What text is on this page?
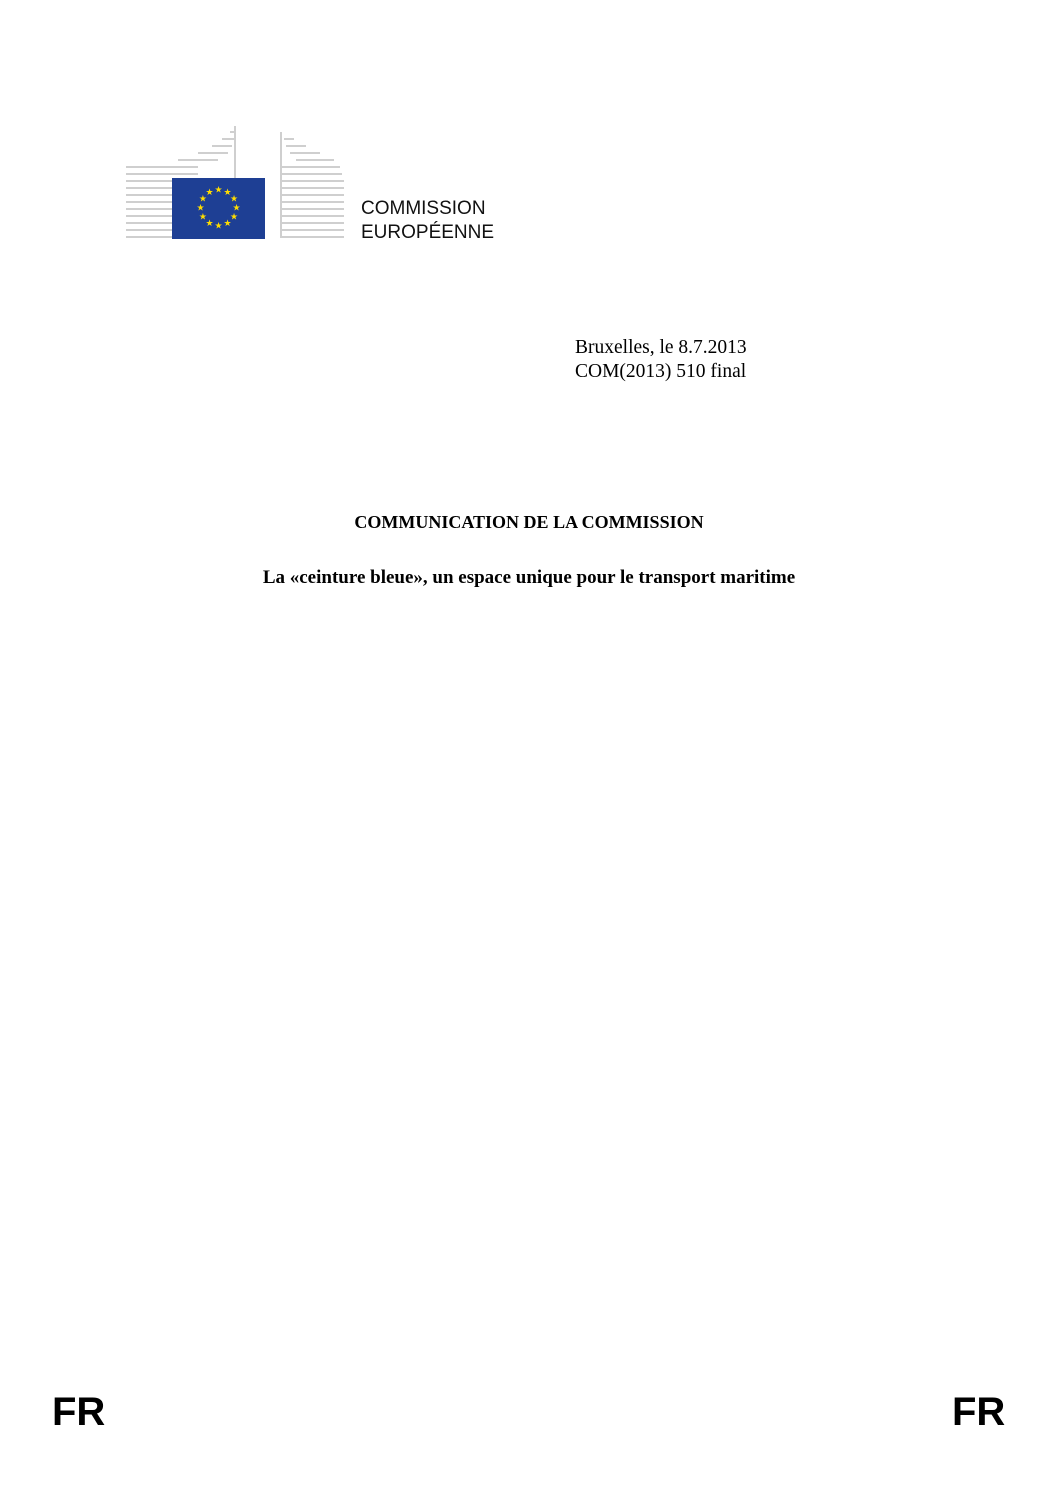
★ ★
★
★
★
★
★
★
★
★
★
★
COMMISSION
EUROPÉENNE
Bruxelles, le 8.7.2013
COM(2013) 510 final
COMMUNICATION DE LA COMMISSION
La «ceinture bleue», un espace unique pour le transport maritime
FR	FR
